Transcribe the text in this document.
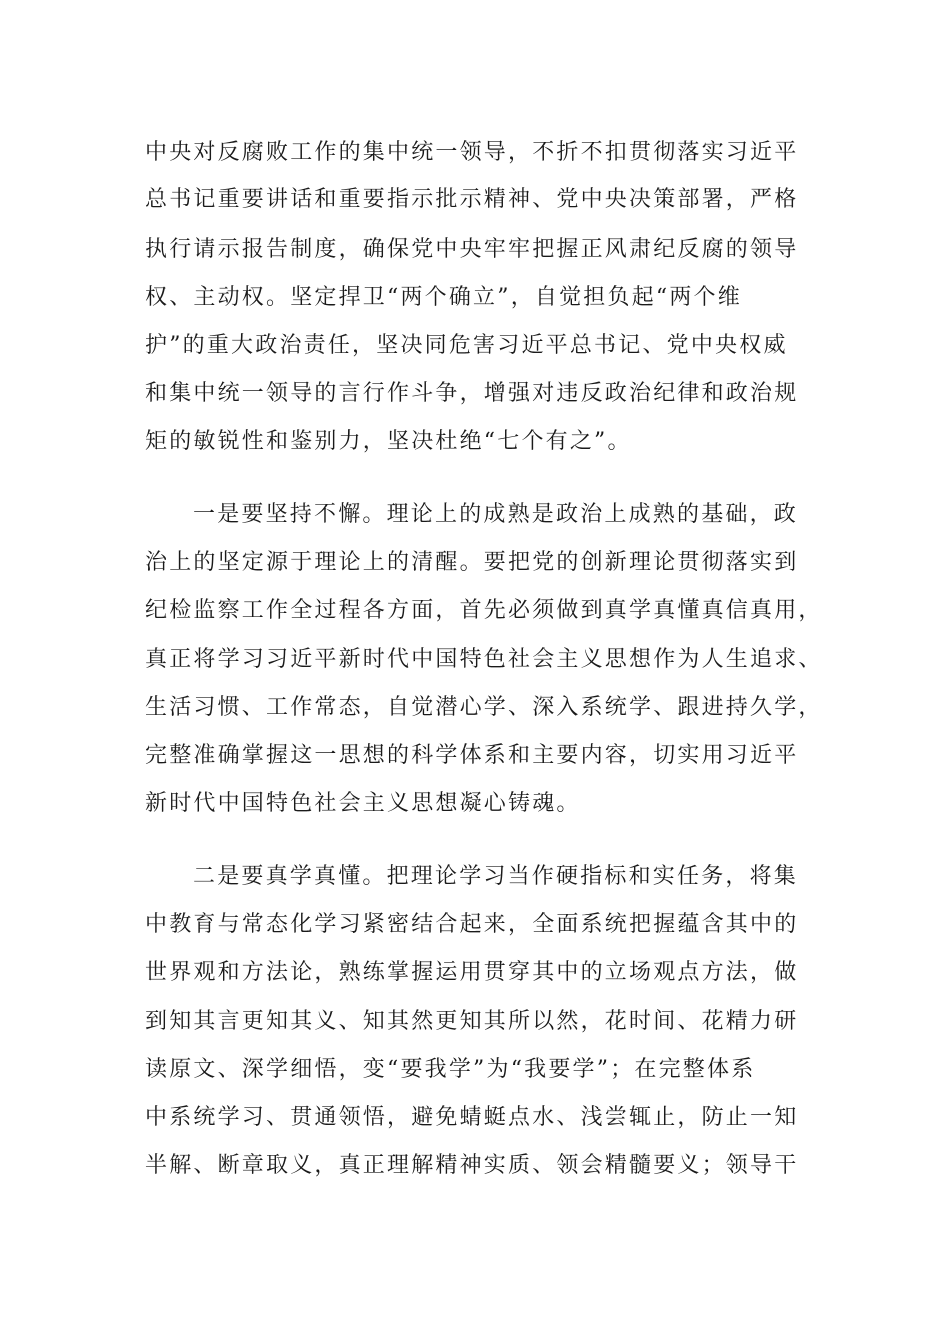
中央对反腐败工作的集中统一领导，不折不扣贯彻落实习近平
总书记重要讲话和重要指示批示精神、党中央决策部署，严格
执行请示报告制度，确保党中央牢牢把握正风肃纪反腐的领导
权、主动权。坚定捍卫“两个确立”，自觉担负起“两个维
护”的重大政治责任，坚决同危害习近平总书记、党中央权威
和集中统一领导的言行作斗争，增强对违反政治纪律和政治规
矩的敏锐性和鉴别力，坚决杜绝“七个有之”。
一是要坚持不懈。理论上的成熟是政治上成熟的基础，政
治上的坚定源于理论上的清醒。要把党的创新理论贯彻落实到
纪检监察工作全过程各方面，首先必须做到真学真懂真信真用，
真正将学习习近平新时代中国特色社会主义思想作为人生追求、
生活习惯、工作常态，自觉潜心学、深入系统学、跟进持久学，
完整准确掌握这一思想的科学体系和主要内容，切实用习近平
新时代中国特色社会主义思想凝心铸魂。
二是要真学真懂。把理论学习当作硬指标和实任务，将集
中教育与常态化学习紧密结合起来，全面系统把握蕴含其中的
世界观和方法论，熟练掌握运用贯穿其中的立场观点方法，做
到知其言更知其义、知其然更知其所以然，花时间、花精力研
读原文、深学细悟，变“要我学”为“我要学”；在完整体系
中系统学习、贯通领悟，避免蜻蜓点水、浅尝辄止，防止一知
半解、断章取义，真正理解精神实质、领会精髓要义；领导干
